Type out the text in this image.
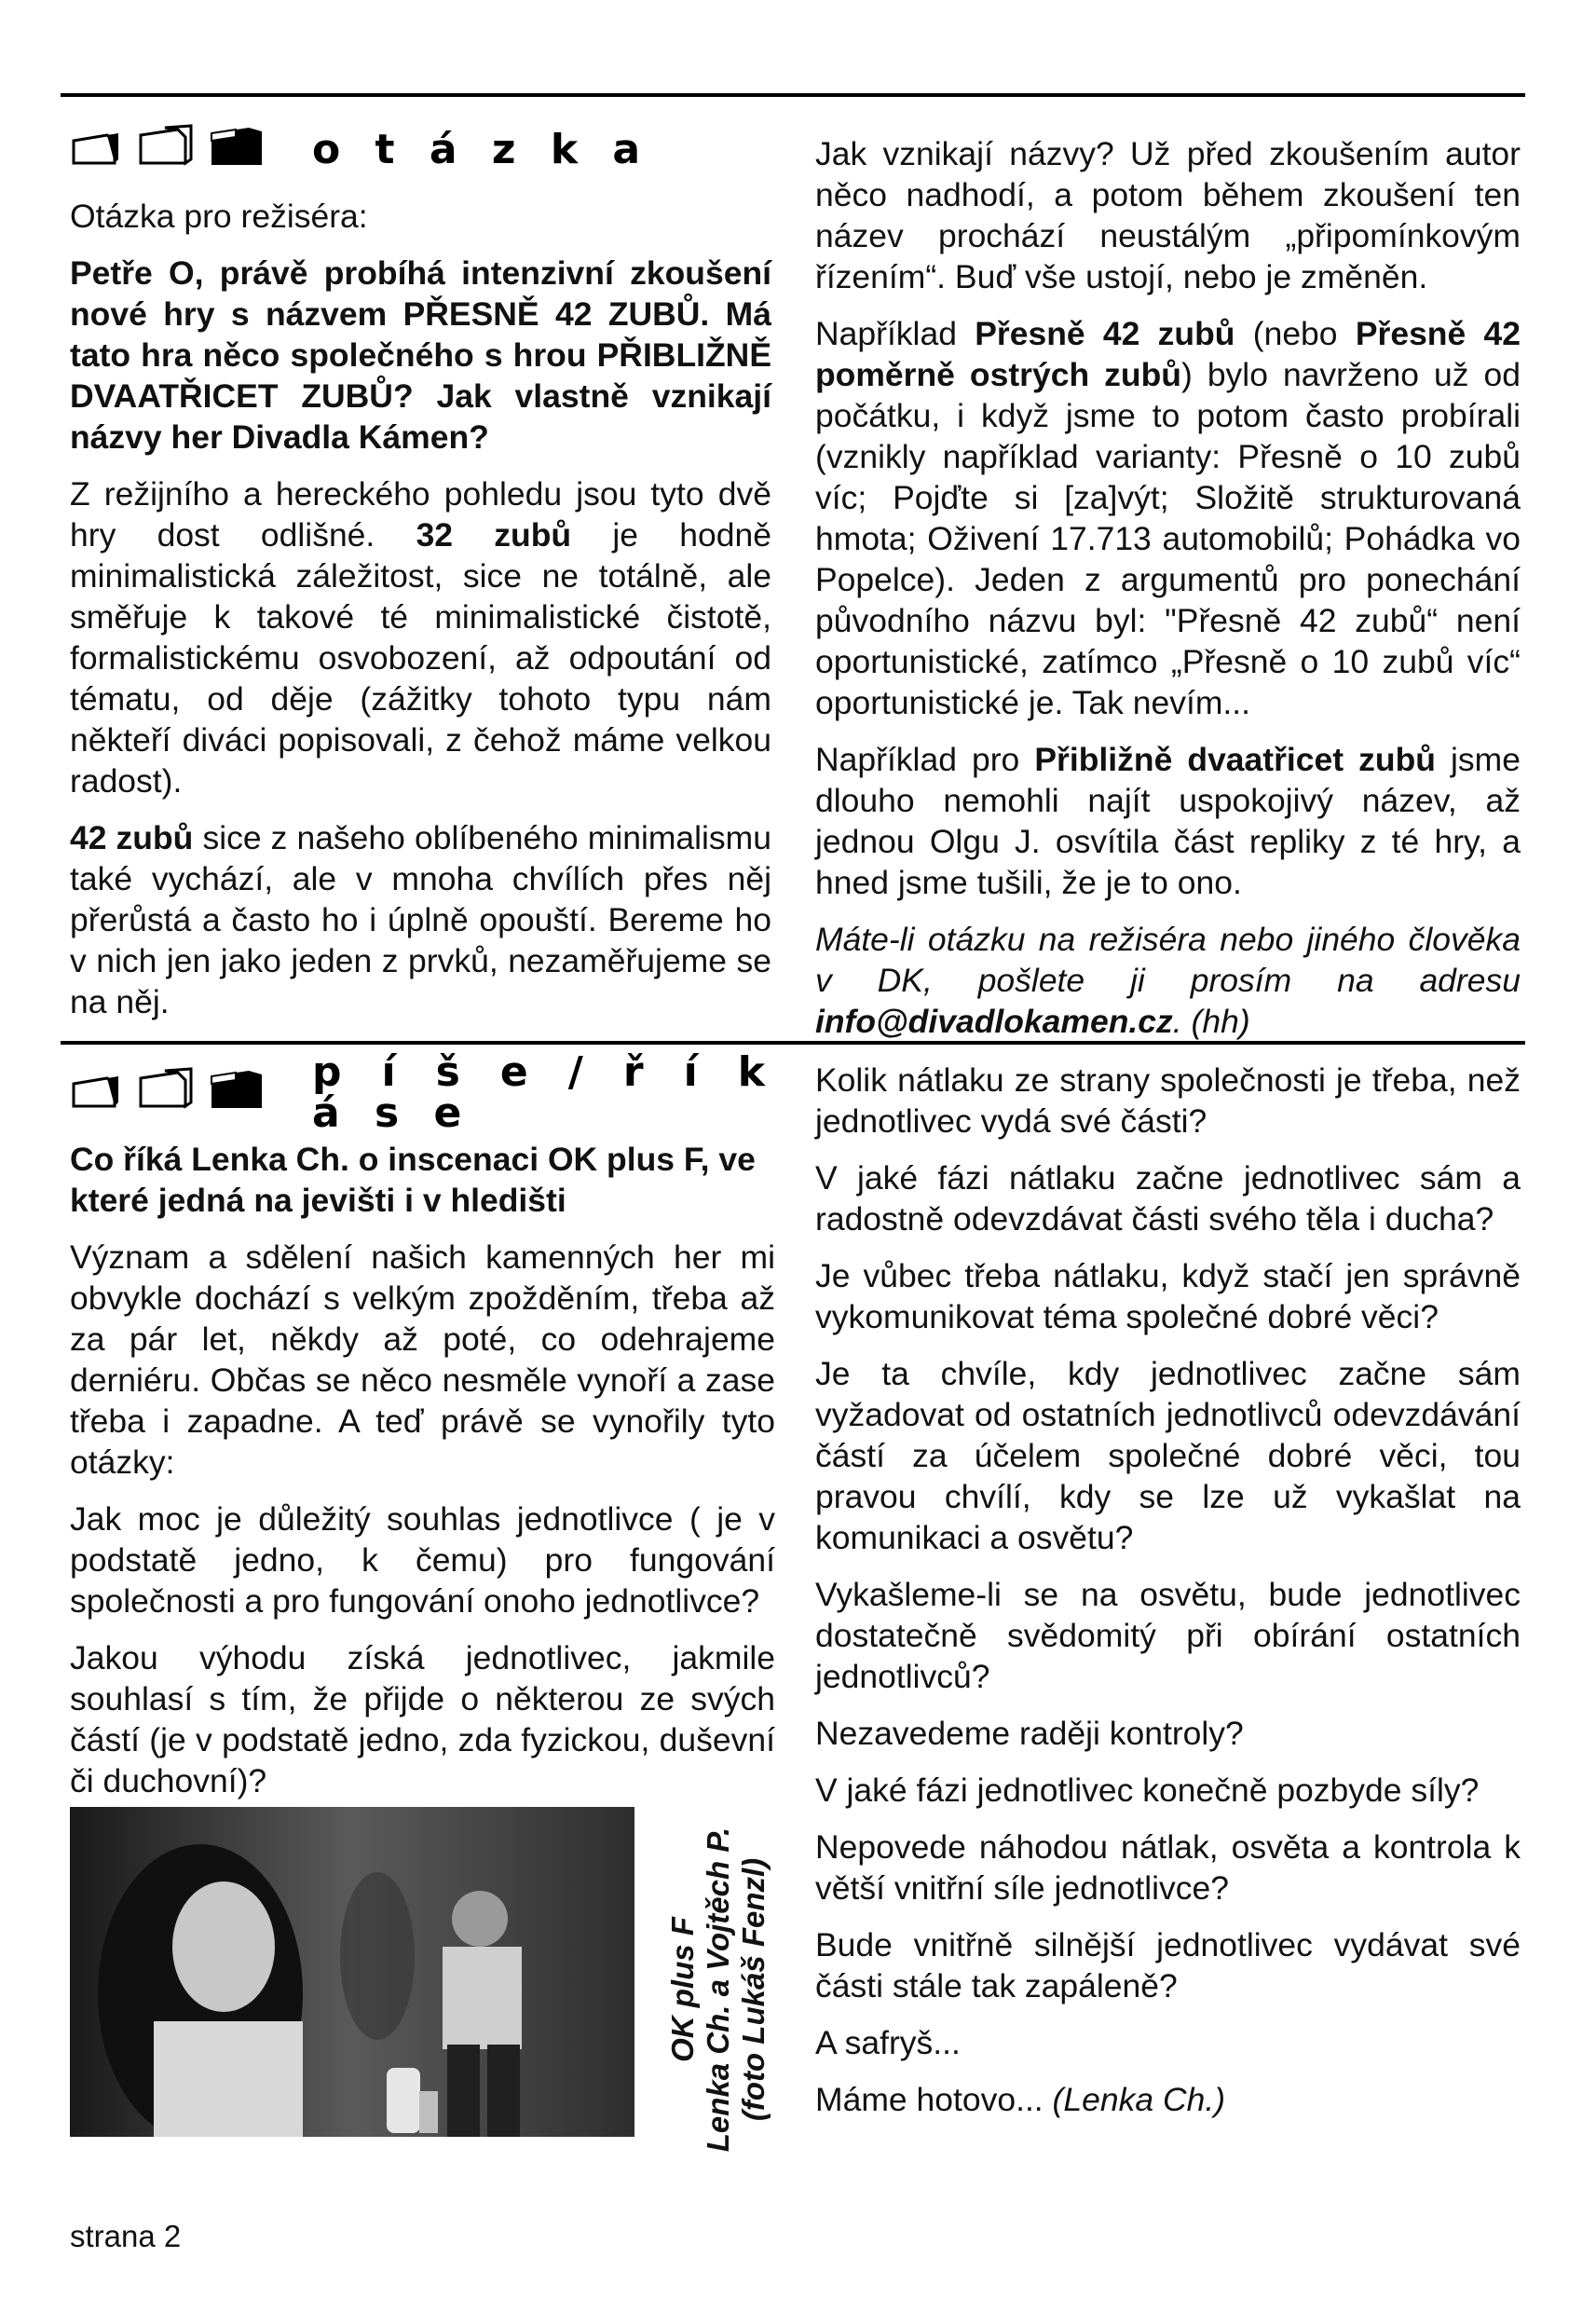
o t á z k a

Otázka pro režiséra:

Petře O, právě probíhá intenzivní zkoušení nové hry s názvem PŘESNĚ 42 ZUBŮ. Má tato hra něco společného s hrou PŘIBLIŽNĚ DVAATŘICET ZUBŮ? Jak vlastně vznikají názvy her Divadla Kámen?

Z režijního a hereckého pohledu jsou tyto dvě hry dost odlišné. 32 zubů je hodně minimalistická záležitost, sice ne totálně, ale směřuje k takové té minimalistické čistotě, formalistickému osvobození, až odpoutání od tématu, od děje (zážitky tohoto typu nám někteří diváci popisovali, z čehož máme velkou radost).

42 zubů sice z našeho oblíbeného minimalismu také vychází, ale v mnoha chvílích přes něj přerůstá a často ho i úplně opouští. Bereme ho v nich jen jako jeden z prvků, nezaměřujeme se na něj.

Jak vznikají názvy? Už před zkoušením autor něco nadhodí, a potom během zkoušení ten název prochází neustálým „připomínkovým řízením“. Buď vše ustojí, nebo je změněn.

Například Přesně 42 zubů (nebo Přesně 42 poměrně ostrých zubů) bylo navrženo už od počátku, i když jsme to potom často probírali (vznikly například varianty: Přesně o 10 zubů víc; Pojďte si [za]výt; Složitě strukturovaná hmota; Oživení 17.713 automobilů; Pohádka vo Popelce). Jeden z argumentů pro ponechání původního názvu byl: "Přesně 42 zubů“ není oportunistické, zatímco „Přesně o 10 zubů víc“ oportunistické je. Tak nevím...

Například pro Přibližně dvaatřicet zubů jsme dlouho nemohli najít uspokojivý název, až jednou Olgu J. osvítila část repliky z té hry, a hned jsme tušili, že je to ono.

Máte-li otázku na režiséra nebo jiného člověka v DK, pošlete ji prosím na adresu info@divadlokamen.cz. (hh)

p í š e / ř í k á s e

Co říká Lenka Ch. o inscenaci OK plus F, ve které jedná na jevišti i v hledišti

Význam a sdělení našich kamenných her mi obvykle dochází s velkým zpožděním, třeba až za pár let, někdy až poté, co odehrajeme derniéru. Občas se něco nesměle vynoří a zase třeba i zapadne. A teď právě se vynořily tyto otázky:

Jak moc je důležitý souhlas jednotlivce ( je v podstatě jedno, k čemu) pro fungování společnosti a pro fungování onoho jednotlivce?

Jakou výhodu získá jednotlivec, jakmile souhlasí s tím, že přijde o některou ze svých částí (je v podstatě jedno, zda fyzickou, duševní či duchovní)?

OK plus F Lenka Ch. a Vojtěch P. (foto Lukáš Fenzl)

Kolik nátlaku ze strany společnosti je třeba, než jednotlivec vydá své části?

V jaké fázi nátlaku začne jednotlivec sám a radostně odevzdávat části svého těla i ducha?

Je vůbec třeba nátlaku, když stačí jen správně vykomunikovat téma společné dobré věci?

Je ta chvíle, kdy jednotlivec začne sám vyžadovat od ostatních jednotlivců odevzdávání částí za účelem společné dobré věci, tou pravou chvílí, kdy se lze už vykašlat na komunikaci a osvětu?

Vykašleme-li se na osvětu, bude jednotlivec dostatečně svědomitý při obírání ostatních jednotlivců?

Nezavedeme raději kontroly?

V jaké fázi jednotlivec konečně pozbyde síly?

Nepovede náhodou nátlak, osvěta a kontrola k větší vnitřní síle jednotlivce?

Bude vnitřně silnější jednotlivec vydávat své části stále tak zapáleně?

A safryš...

Máme hotovo... (Lenka Ch.)

strana 2
